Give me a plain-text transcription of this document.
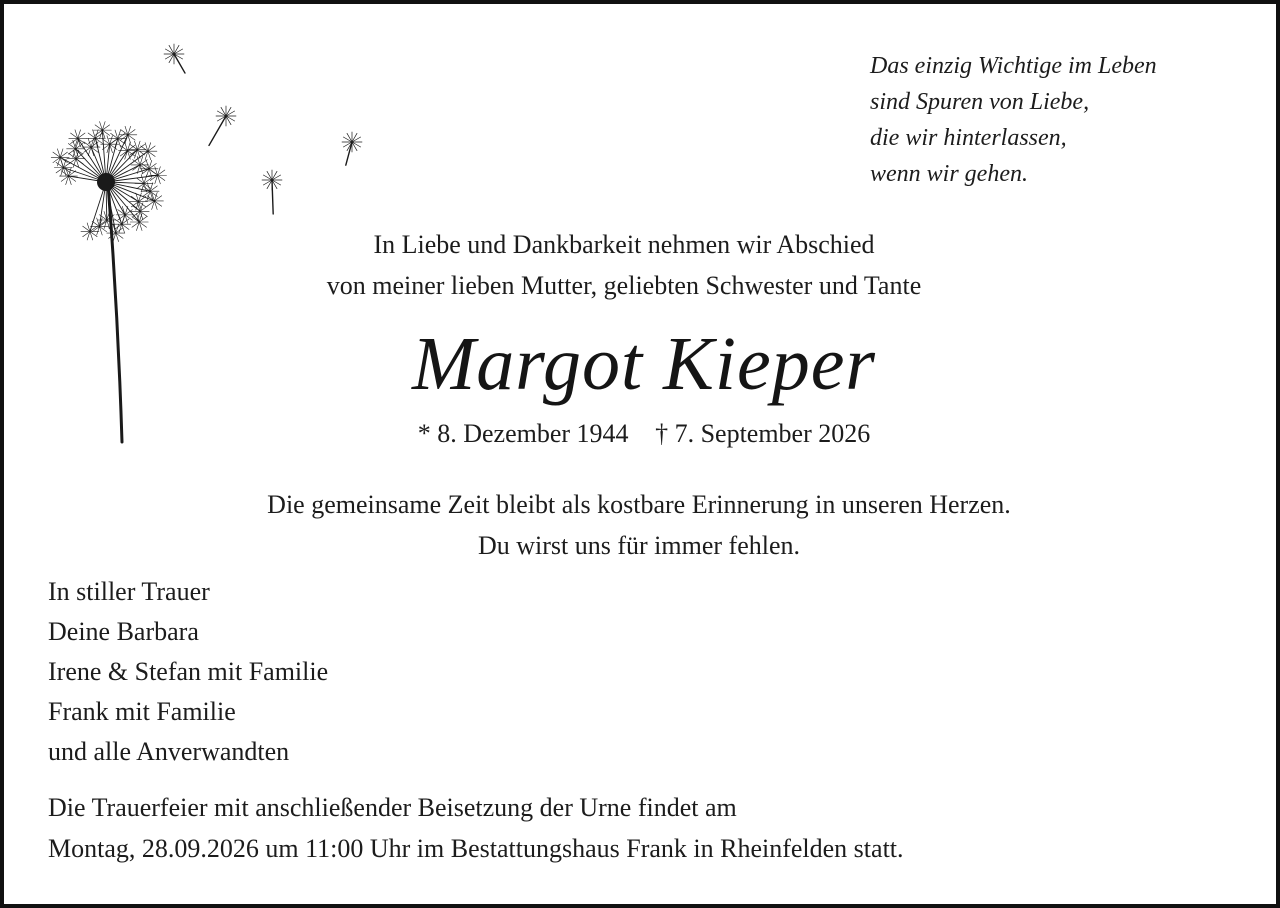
Das einzig Wichtige im Leben
sind Spuren von Liebe,
die wir hinterlassen,
wenn wir gehen.
In Liebe und Dankbarkeit nehmen wir Abschied
von meiner lieben Mutter, geliebten Schwester und Tante
Margot Kieper
* 8. Dezember 1944 † 7. September 2026
Die gemeinsame Zeit bleibt als kostbare Erinnerung in unseren Herzen.
Du wirst uns für immer fehlen.
In stiller Trauer
Deine Barbara
Irene & Stefan mit Familie
Frank mit Familie
und alle Anverwandten
Die Trauerfeier mit anschließender Beisetzung der Urne findet am
Montag, 28.09.2026 um 11:00 Uhr im Bestattungshaus Frank in Rheinfelden statt.
